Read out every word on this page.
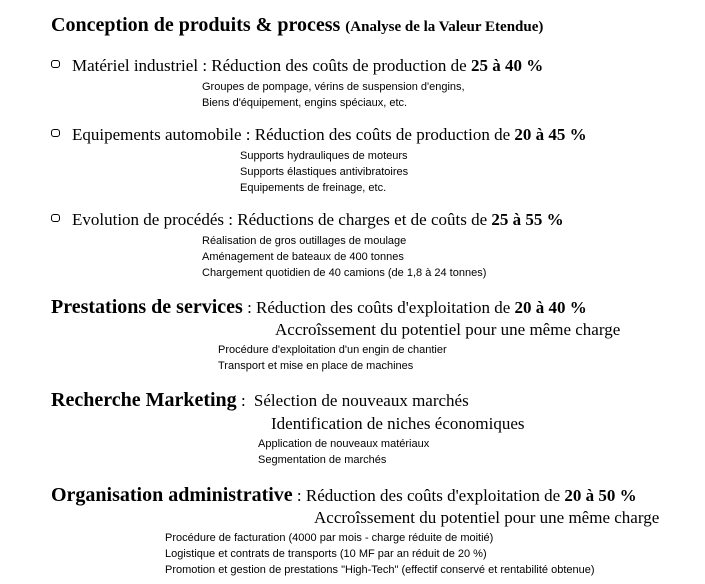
Conception de produits & process (Analyse de la Valeur Etendue)
Matériel industriel : Réduction des coûts de production de 25 à 40 %
Groupes de pompage, vérins de suspension d'engins,
Biens d'équipement, engins spéciaux, etc.
Equipements automobile : Réduction des coûts de production de 20 à 45 %
Supports hydrauliques de moteurs
Supports élastiques antivibratoires
Equipements de freinage, etc.
Evolution de procédés : Réductions de charges et de coûts de 25 à 55 %
Réalisation de gros outillages de moulage
Aménagement de bateaux de 400 tonnes
Chargement quotidien de 40 camions (de 1,8 à 24 tonnes)
Prestations de services : Réduction des coûts d'exploitation de 20 à 40 %
Accroîssement du potentiel pour une même charge
Procédure d'exploitation d'un engin de chantier
Transport et mise en place de machines
Recherche Marketing : Sélection de nouveaux marchés
Identification de niches économiques
Application de nouveaux matériaux
Segmentation de marchés
Organisation administrative : Réduction des coûts d'exploitation de 20 à 50 %
Accroîssement du potentiel pour une même charge
Procédure de facturation (4000 par mois - charge réduite de moitié)
Logistique et contrats de transports (10 MF par an réduit de 20 %)
Promotion et gestion de prestations "High-Tech" (effectif conservé et rentabilité obtenue)
